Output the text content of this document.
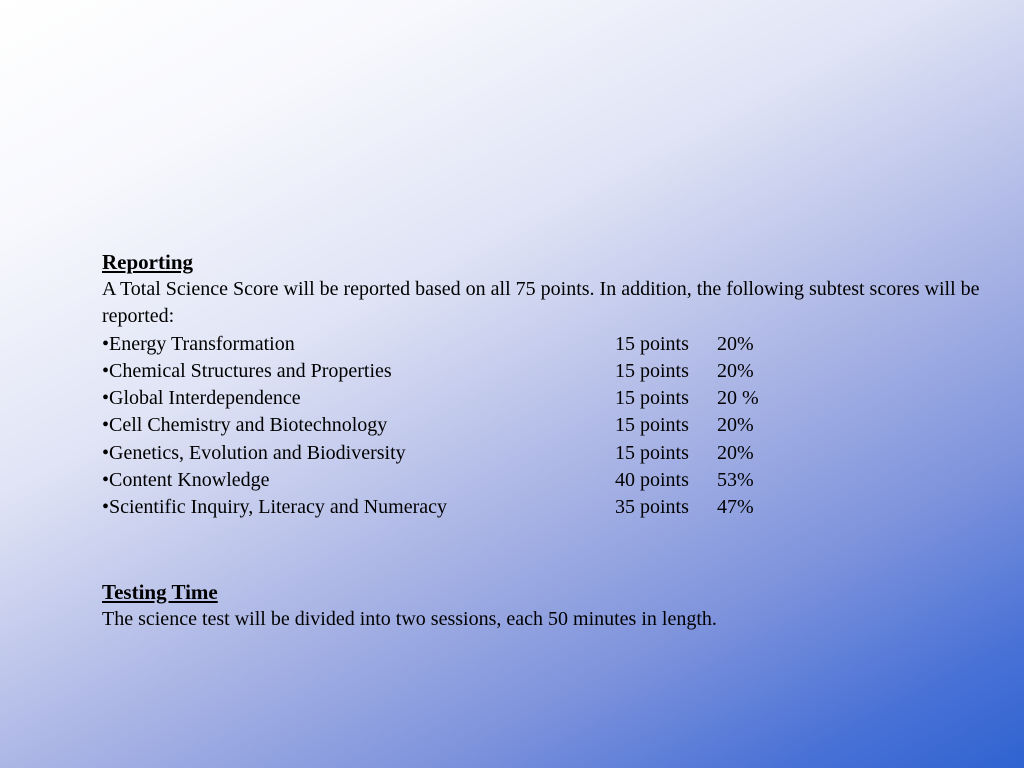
Reporting
A Total Science Score will be reported based on all 75 points. In addition, the following subtest scores will be reported:
•Energy Transformation	15 points 20%
•Chemical Structures and Properties	15 points 20%
•Global Interdependence	15 points 20 %
•Cell Chemistry and Biotechnology	15 points 20%
•Genetics, Evolution and Biodiversity	15 points 20%
•Content Knowledge	40 points 53%
•Scientific Inquiry, Literacy and Numeracy	35 points 47%
Testing Time
The science test will be divided into two sessions, each 50 minutes in length.
